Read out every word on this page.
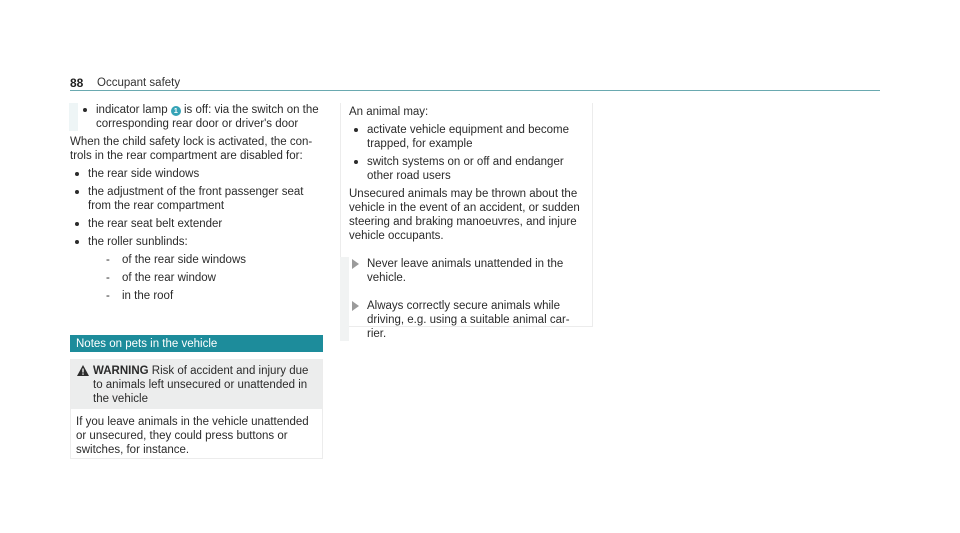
88 Occupant safety
indicator lamp 1 is off: via the switch on the corresponding rear door or driver's door

When the child safety lock is activated, the con- trols in the rear compartment are disabled for:

the rear side windows
the adjustment of the front passenger seat from the rear compartment
the rear seat belt extender
the roller sunblinds:
- of the rear side windows
- of the rear window
- in the roof
Notes on pets in the vehicle
WARNING Risk of accident and injury due to animals left unsecured or unattended in the vehicle
If you leave animals in the vehicle unattended or unsecured, they could press buttons or switches, for instance.

An animal may:

activate vehicle equipment and become trapped, for example
switch systems on or off and endanger other road users

Unsecured animals may be thrown about the vehicle in the event of an accident, or sudden steering and braking manoeuvres, and injure vehicle occupants.

Never leave animals unattended in the vehicle.

Always correctly secure animals while driving, e.g. using a suitable animal car- rier.
